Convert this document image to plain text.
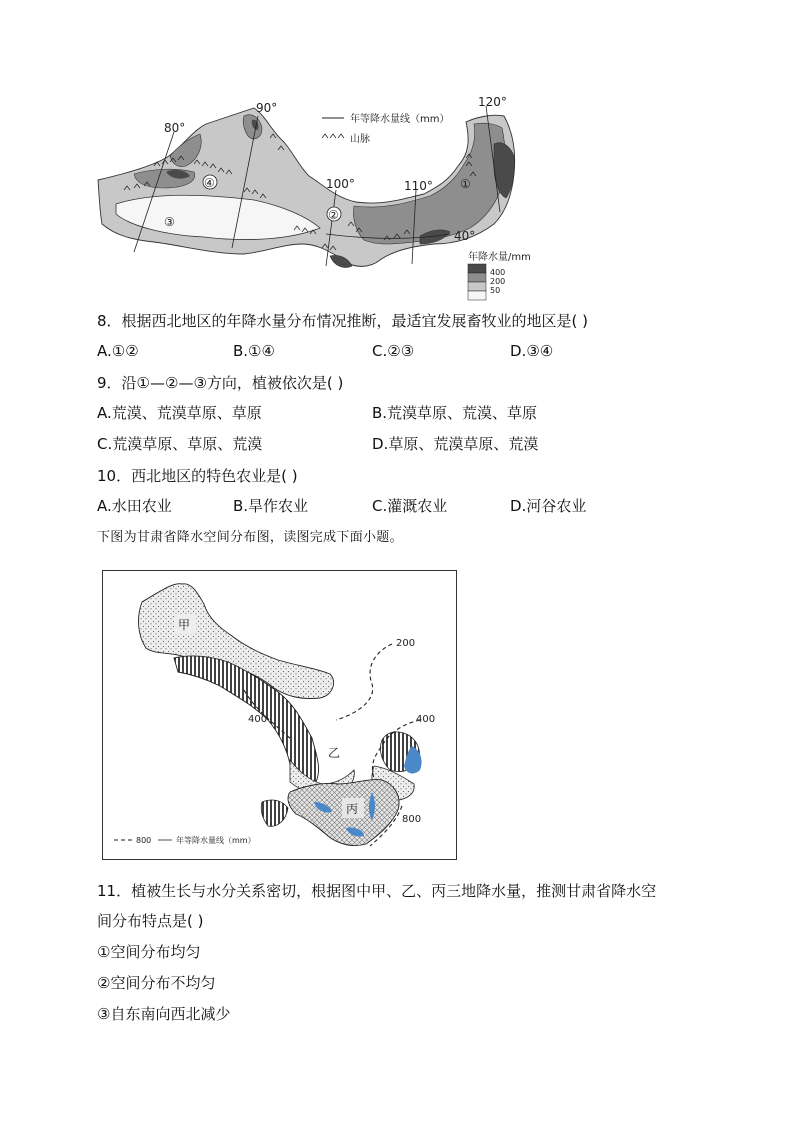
年等降水量线（mm）
山脉
80°
90°
100°	110°
120°
40°
④
③	②
①
年降水量/mm
400
200
50
8．根据西北地区的年降水量分布情况推断，最适宜发展畜牧业的地区是( )
A.①②	B.①④	C.②③	D.③④
9．沿①—②—③方向，植被依次是( )
A.荒漠、荒漠草原、草原	B.荒漠草原、荒漠、草原
C.荒漠草原、草原、荒漠	D.草原、荒漠草原、荒漠
10．西北地区的特色农业是( )
A.水田农业	B.旱作农业	C.灌溉农业	D.河谷农业
下图为甘肃省降水空间分布图，读图完成下面小题。
甲
乙
丙
200
400	400
800
800	年等降水量线（mm）
11．植被生长与水分关系密切，根据图中甲、乙、丙三地降水量，推测甘肃省降水空
间分布特点是( )
①空间分布均匀
②空间分布不均匀
③自东南向西北减少
